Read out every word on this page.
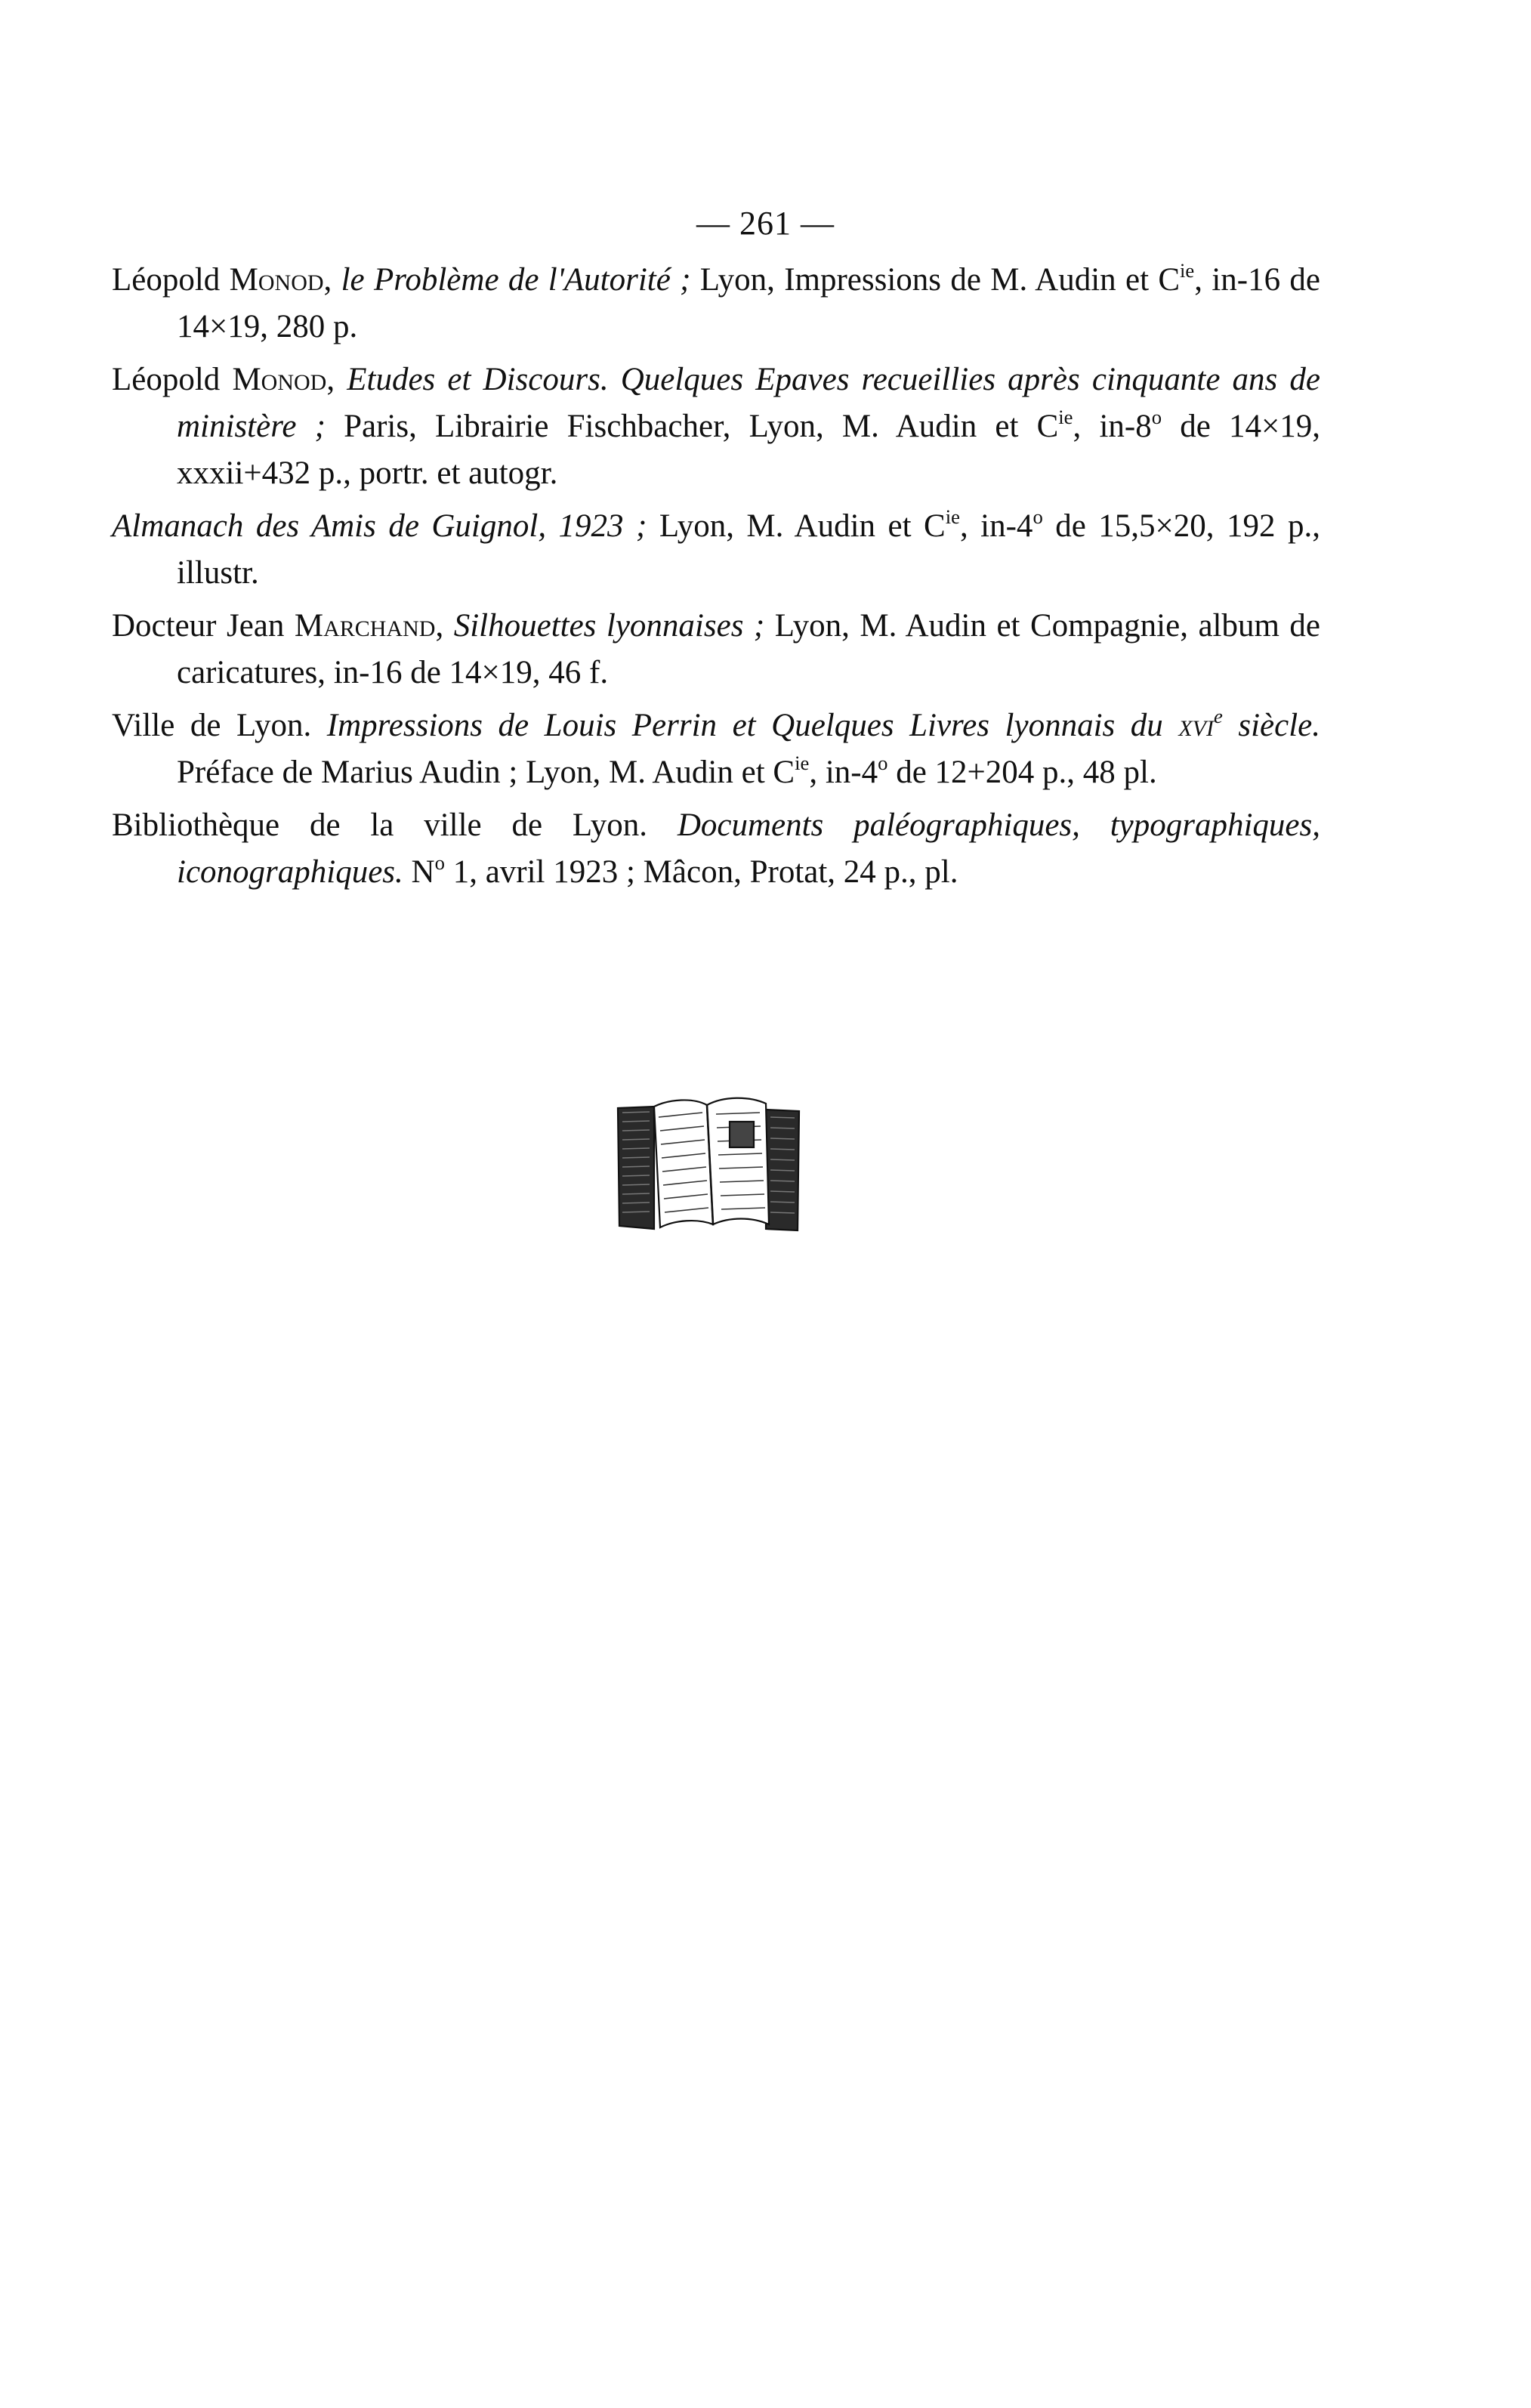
— 261 —

Léopold Monod, le Problème de l'Autorité ; Lyon, Impressions de M. Audin et $C^{ie}$, in-16 de 14×19, 280 p.

Léopold Monod, Etudes et Discours. Quelques Epaves recueillies après cinquante ans de ministère ; Paris, Librairie Fischbacher, Lyon, M. Audin et $C^{ie}$, in-8$^o$ de 14×19, xxxii+432 p., portr. et autogr.

Almanach des Amis de Guignol, 1923 ; Lyon, M. Audin et $C^{ie}$, in-4$^o$ de 15,5×20, 192 p., illustr.

Docteur Jean Marchand, Silhouettes lyonnaises ; Lyon, M. Audin et Compagnie, album de caricatures, in-16 de 14×19, 46 f.

Ville de Lyon. Impressions de Louis Perrin et Quelques Livres lyonnais du xvi$^e$ siècle. Préface de Marius Audin ; Lyon, M. Audin et $C^{ie}$, in-4$^o$ de 12+204 p., 48 pl.

Bibliothèque de la ville de Lyon. Documents paléographiques, typographiques, iconographiques. $N^o$ 1, avril 1923 ; Mâcon, Protat, 24 p., pl.
